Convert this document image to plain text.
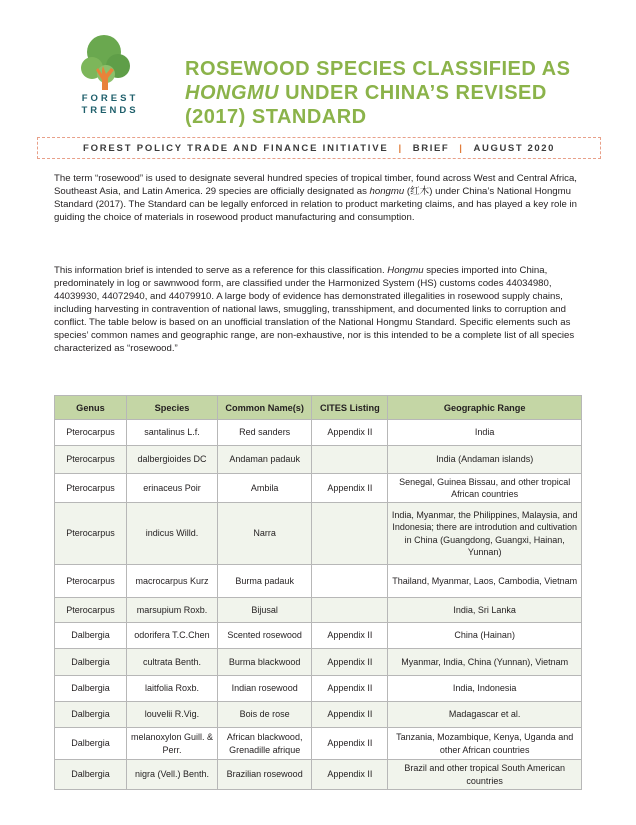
FOREST
TRENDS
ROSEWOOD SPECIES CLASSIFIED AS
HONGMU UNDER CHINA’S REVISED
(2017) STANDARD
FOREST POLICY TRADE AND FINANCE INITIATIVE | BRIEF | AUGUST 2020
The term “rosewood” is used to designate several hundred species of tropical timber, found across West and Central Africa, Southeast Asia, and Latin America. 29 species are officially designated as hongmu (红木) under China’s National Hongmu Standard (2017). The Standard can be legally enforced in relation to product marketing claims, and has played a key role in guiding the choice of materials in rosewood product manufacturing and consumption.
This information brief is intended to serve as a reference for this classification. Hongmu species imported into China, predominately in log or sawnwood form, are classified under the Harmonized System (HS) customs codes 44034980, 44039930, 44072940, and 44079910. A large body of evidence has demonstrated illegalities in rosewood supply chains, including harvesting in contravention of national laws, smuggling, transshipment, and documented links to corruption and conflict. The table below is based on an unofficial translation of the National Hongmu Standard. Specific elements such as species’ common names and geographic range, are non-exhaustive, nor is this intended to be a complete list of all species characterized as “rosewood.”
Genus	Species	Common Name(s)	CITES Listing	Geographic Range
Pterocarpus	santalinus L.f.	Red sanders	Appendix II	India
Pterocarpus	dalbergioides DC	Andaman padauk		India (Andaman islands)
Pterocarpus	erinaceus Poir	Ambila	Appendix II	Senegal, Guinea Bissau, and other tropical African countries
Pterocarpus	indicus Willd.	Narra		India, Myanmar, the Philippines, Malaysia, and Indonesia; there are introdution and cultivation in China (Guangdong, Guangxi, Hainan, Yunnan)
Pterocarpus	macrocarpus Kurz	Burma padauk		Thailand, Myanmar, Laos, Cambodia, Vietnam
Pterocarpus	marsupium Roxb.	Bijusal		India, Sri Lanka
Dalbergia	odorifera T.C.Chen	Scented rosewood	Appendix II	China (Hainan)
Dalbergia	cultrata Benth.	Burma blackwood	Appendix II	Myanmar, India, China (Yunnan), Vietnam
Dalbergia	laitfolia Roxb.	Indian rosewood	Appendix II	India, Indonesia
Dalbergia	louvelii R.Vig.	Bois de rose	Appendix II	Madagascar et al.
Dalbergia	melanoxylon Guill. & Perr.	African blackwood, Grenadille afrique	Appendix II	Tanzania, Mozambique, Kenya, Uganda and other African countries
Dalbergia	nigra (Vell.) Benth.	Brazilian rosewood	Appendix II	Brazil and other tropical South American countries
